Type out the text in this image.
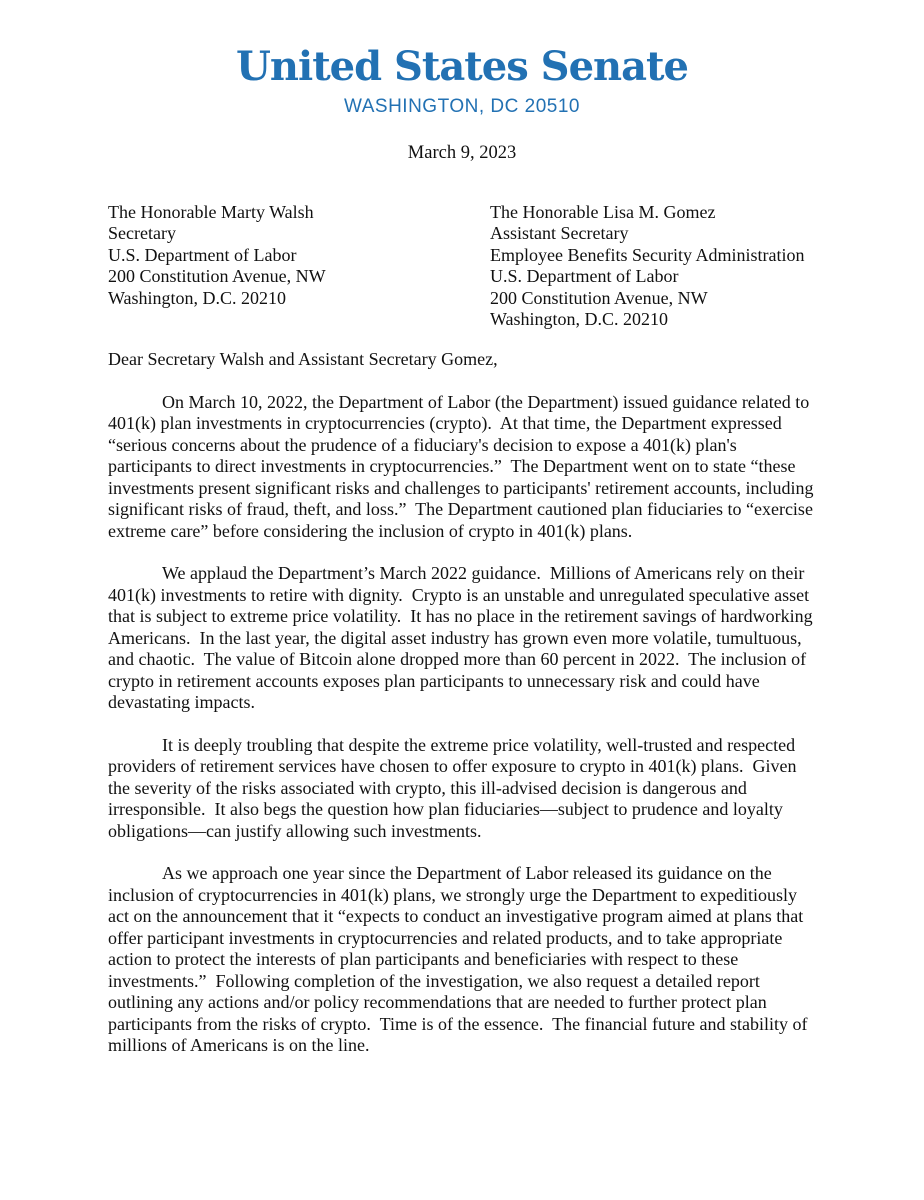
United States Senate
WASHINGTON, DC 20510
March 9, 2023
The Honorable Marty Walsh
Secretary
U.S. Department of Labor
200 Constitution Avenue, NW
Washington, D.C. 20210
The Honorable Lisa M. Gomez
Assistant Secretary
Employee Benefits Security Administration
U.S. Department of Labor
200 Constitution Avenue, NW
Washington, D.C. 20210
Dear Secretary Walsh and Assistant Secretary Gomez,

On March 10, 2022, the Department of Labor (the Department) issued guidance related to 401(k) plan investments in cryptocurrencies (crypto).  At that time, the Department expressed “serious concerns about the prudence of a fiduciary's decision to expose a 401(k) plan's participants to direct investments in cryptocurrencies.”  The Department went on to state “these investments present significant risks and challenges to participants' retirement accounts, including significant risks of fraud, theft, and loss.”  The Department cautioned plan fiduciaries to “exercise extreme care” before considering the inclusion of crypto in 401(k) plans.

We applaud the Department’s March 2022 guidance.  Millions of Americans rely on their 401(k) investments to retire with dignity.  Crypto is an unstable and unregulated speculative asset that is subject to extreme price volatility.  It has no place in the retirement savings of hardworking Americans.  In the last year, the digital asset industry has grown even more volatile, tumultuous, and chaotic.  The value of Bitcoin alone dropped more than 60 percent in 2022.  The inclusion of crypto in retirement accounts exposes plan participants to unnecessary risk and could have devastating impacts.

It is deeply troubling that despite the extreme price volatility, well-trusted and respected providers of retirement services have chosen to offer exposure to crypto in 401(k) plans.  Given the severity of the risks associated with crypto, this ill-advised decision is dangerous and irresponsible.  It also begs the question how plan fiduciaries—subject to prudence and loyalty obligations—can justify allowing such investments.

As we approach one year since the Department of Labor released its guidance on the inclusion of cryptocurrencies in 401(k) plans, we strongly urge the Department to expeditiously act on the announcement that it “expects to conduct an investigative program aimed at plans that offer participant investments in cryptocurrencies and related products, and to take appropriate action to protect the interests of plan participants and beneficiaries with respect to these investments.”  Following completion of the investigation, we also request a detailed report outlining any actions and/or policy recommendations that are needed to further protect plan participants from the risks of crypto.  Time is of the essence.  The financial future and stability of millions of Americans is on the line.
